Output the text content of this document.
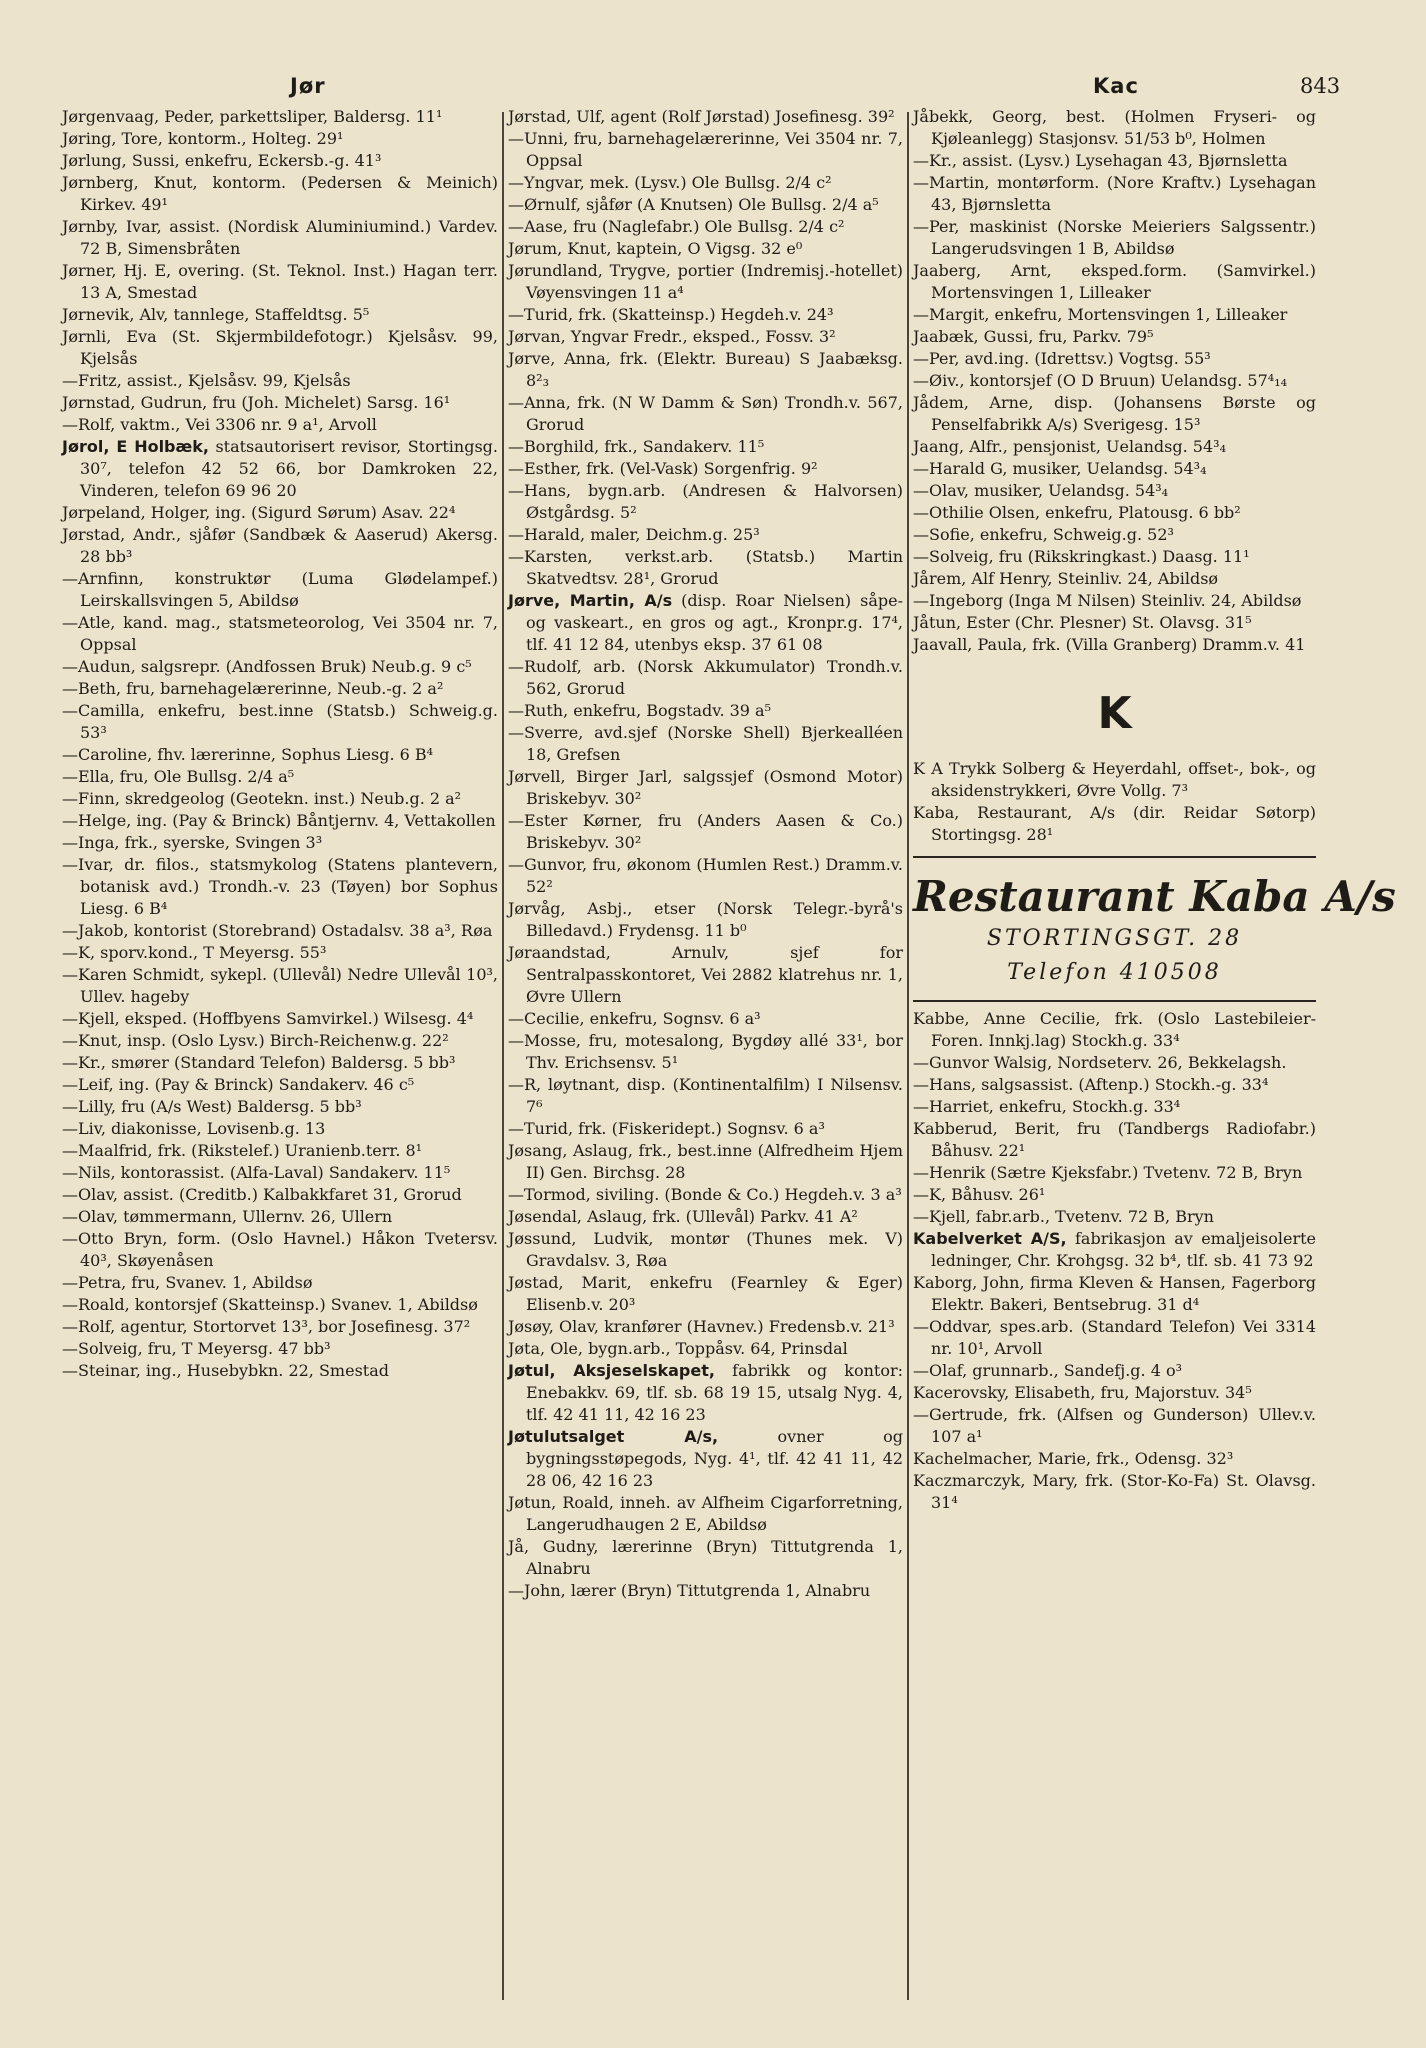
Jør	Kac	843

Jørgenvaag, Peder, parkettsliper, Baldersg. 11¹

Jøring, Tore, kontorm., Holteg. 29¹

Jørlung, Sussi, enkefru, Eckersb.-g. 41³

Jørnberg, Knut, kontorm. (Pedersen & Meinich) Kirkev. 49¹

Jørnby, Ivar, assist. (Nordisk Aluminiumind.) Vardev. 72 B, Simensbråten

Jørner, Hj. E, overing. (St. Teknol. Inst.) Hagan terr. 13 A, Smestad

Jørnevik, Alv, tannlege, Staffeldtsg. 5⁵

Jørnli, Eva (St. Skjermbildefotogr.) Kjelsåsv. 99, Kjelsås

—Fritz, assist., Kjelsåsv. 99, Kjelsås

Jørnstad, Gudrun, fru (Joh. Michelet) Sarsg. 16¹

—Rolf, vaktm., Vei 3306 nr. 9 a¹, Arvoll

Jørol, E Holbæk, statsautorisert revisor, Stortingsg. 30⁷, telefon 42 52 66, bor Damkroken 22, Vinderen, telefon 69 96 20

Jørpeland, Holger, ing. (Sigurd Sørum) Asav. 22⁴

Jørstad, Andr., sjåfør (Sandbæk & Aaserud) Akersg. 28 bb³

—Arnfinn, konstruktør (Luma Glødelampef.) Leirskallsvingen 5, Abildsø

—Atle, kand. mag., statsmeteorolog, Vei 3504 nr. 7, Oppsal

—Audun, salgsrepr. (Andfossen Bruk) Neub.g. 9 c⁵

—Beth, fru, barnehagelærerinne, Neub.-g. 2 a²

—Camilla, enkefru, best.inne (Statsb.) Schweig.g. 53³

—Caroline, fhv. lærerinne, Sophus Liesg. 6 B⁴

—Ella, fru, Ole Bullsg. 2/4 a⁵

—Finn, skredgeolog (Geotekn. inst.) Neub.g. 2 a²

—Helge, ing. (Pay & Brinck) Båntjernv. 4, Vettakollen

—Inga, frk., syerske, Svingen 3³

—Ivar, dr. filos., statsmykolog (Statens plantevern, botanisk avd.) Trondh.-v. 23 (Tøyen) bor Sophus Liesg. 6 B⁴

—Jakob, kontorist (Storebrand) Ostadalsv. 38 a³, Røa

—K, sporv.kond., T Meyersg. 55³

—Karen Schmidt, sykepl. (Ullevål) Nedre Ullevål 10³, Ullev. hageby

—Kjell, eksped. (Hoffbyens Samvirkel.) Wilsesg. 4⁴

—Knut, insp. (Oslo Lysv.) Birch-Reichenw.g. 22²

—Kr., smører (Standard Telefon) Baldersg. 5 bb³

—Leif, ing. (Pay & Brinck) Sandakerv. 46 c⁵

—Lilly, fru (A/s West) Baldersg. 5 bb³

—Liv, diakonisse, Lovisenb.g. 13

—Maalfrid, frk. (Rikstelef.) Uranienb.terr. 8¹

—Nils, kontorassist. (Alfa-Laval) Sandakerv. 11⁵

—Olav, assist. (Creditb.) Kalbakkfaret 31, Grorud

—Olav, tømmermann, Ullernv. 26, Ullern

—Otto Bryn, form. (Oslo Havnel.) Håkon Tvetersv. 40³, Skøyenåsen

—Petra, fru, Svanev. 1, Abildsø

—Roald, kontorsjef (Skatteinsp.) Svanev. 1, Abildsø

—Rolf, agentur, Stortorvet 13³, bor Josefinesg. 37²

—Solveig, fru, T Meyersg. 47 bb³

—Steinar, ing., Husebybkn. 22, Smestad

Jørstad, Ulf, agent (Rolf Jørstad) Josefinesg. 39²

—Unni, fru, barnehagelærerinne, Vei 3504 nr. 7, Oppsal

—Yngvar, mek. (Lysv.) Ole Bullsg. 2/4 c²

—Ørnulf, sjåfør (A Knutsen) Ole Bullsg. 2/4 a⁵

—Aase, fru (Naglefabr.) Ole Bullsg. 2/4 c²

Jørum, Knut, kaptein, O Vigsg. 32 e⁰

Jørundland, Trygve, portier (Indremisj.-hotellet) Vøyensvingen 11 a⁴

—Turid, frk. (Skatteinsp.) Hegdeh.v. 24³

Jørvan, Yngvar Fredr., eksped., Fossv. 3²

Jørve, Anna, frk. (Elektr. Bureau) S Jaabæksg. 8²₃

—Anna, frk. (N W Damm & Søn) Trondh.v. 567, Grorud

—Borghild, frk., Sandakerv. 11⁵

—Esther, frk. (Vel-Vask) Sorgenfrig. 9²

—Hans, bygn.arb. (Andresen & Halvorsen) Østgårdsg. 5²

—Harald, maler, Deichm.g. 25³

—Karsten, verkst.arb. (Statsb.) Martin Skatvedtsv. 28¹, Grorud

Jørve, Martin, A/s (disp. Roar Nielsen) såpe- og vaskeart., en gros og agt., Kronpr.g. 17⁴, tlf. 41 12 84, utenbys eksp. 37 61 08

—Rudolf, arb. (Norsk Akkumulator) Trondh.v. 562, Grorud

—Ruth, enkefru, Bogstadv. 39 a⁵

—Sverre, avd.sjef (Norske Shell) Bjerkealléen 18, Grefsen

Jørvell, Birger Jarl, salgssjef (Osmond Motor) Briskebyv. 30²

—Ester Kørner, fru (Anders Aasen & Co.) Briskebyv. 30²

—Gunvor, fru, økonom (Humlen Rest.) Dramm.v. 52²

Jørvåg, Asbj., etser (Norsk Telegr.-byrå's Billedavd.) Frydensg. 11 b⁰

Jøraandstad, Arnulv, sjef for Sentralpasskontoret, Vei 2882 klatrehus nr. 1, Øvre Ullern

—Cecilie, enkefru, Sognsv. 6 a³

—Mosse, fru, motesalong, Bygdøy allé 33¹, bor Thv. Erichsensv. 5¹

—R, løytnant, disp. (Kontinentalfilm) I Nilsensv. 7⁶

—Turid, frk. (Fiskeridept.) Sognsv. 6 a³

Jøsang, Aslaug, frk., best.inne (Alfredheim Hjem II) Gen. Birchsg. 28

—Tormod, siviling. (Bonde & Co.) Hegdeh.v. 3 a³

Jøsendal, Aslaug, frk. (Ullevål) Parkv. 41 A²

Jøssund, Ludvik, montør (Thunes mek. V) Gravdalsv. 3, Røa

Jøstad, Marit, enkefru (Fearnley & Eger) Elisenb.v. 20³

Jøsøy, Olav, kranfører (Havnev.) Fredensb.v. 21³

Jøta, Ole, bygn.arb., Toppåsv. 64, Prinsdal

Jøtul, Aksjeselskapet, fabrikk og kontor: Enebakkv. 69, tlf. sb. 68 19 15, utsalg Nyg. 4, tlf. 42 41 11, 42 16 23

Jøtulutsalget A/s, ovner og bygningsstøpegods, Nyg. 4¹, tlf. 42 41 11, 42 28 06, 42 16 23

Jøtun, Roald, inneh. av Alfheim Cigarforretning, Langerudhaugen 2 E, Abildsø

Jå, Gudny, lærerinne (Bryn) Tittutgrenda 1, Alnabru

—John, lærer (Bryn) Tittutgrenda 1, Alnabru

Jåbekk, Georg, best. (Holmen Fryseri- og Kjøleanlegg) Stasjonsv. 51/53 b⁰, Holmen

—Kr., assist. (Lysv.) Lysehagan 43, Bjørnsletta

—Martin, montørform. (Nore Kraftv.) Lysehagan 43, Bjørnsletta

—Per, maskinist (Norske Meieriers Salgssentr.) Langerudsvingen 1 B, Abildsø

Jaaberg, Arnt, eksped.form. (Samvirkel.) Mortensvingen 1, Lilleaker

—Margit, enkefru, Mortensvingen 1, Lilleaker

Jaabæk, Gussi, fru, Parkv. 79⁵

—Per, avd.ing. (Idrettsv.) Vogtsg. 55³

—Øiv., kontorsjef (O D Bruun) Uelandsg. 57⁴₁₄

Jådem, Arne, disp. (Johansens Børste og Penselfabrikk A/s) Sverigesg. 15³

Jaang, Alfr., pensjonist, Uelandsg. 54³₄

—Harald G, musiker, Uelandsg. 54³₄

—Olav, musiker, Uelandsg. 54³₄

—Othilie Olsen, enkefru, Platousg. 6 bb²

—Sofie, enkefru, Schweig.g. 52³

—Solveig, fru (Rikskringkast.) Daasg. 11¹

Jårem, Alf Henry, Steinliv. 24, Abildsø

—Ingeborg (Inga M Nilsen) Steinliv. 24, Abildsø

Jåtun, Ester (Chr. Plesner) St. Olavsg. 31⁵

Jaavall, Paula, frk. (Villa Granberg) Dramm.v. 41

K

K A Trykk Solberg & Heyerdahl, offset-, bok-, og aksidenstrykkeri, Øvre Vollg. 7³

Kaba, Restaurant, A/s (dir. Reidar Søtorp) Stortingsg. 28¹

Restaurant Kaba A/s
STORTINGSGT. 28
Telefon 410508

Kabbe, Anne Cecilie, frk. (Oslo Lastebileier-Foren. Innkj.lag) Stockh.g. 33⁴

—Gunvor Walsig, Nordseterv. 26, Bekkelagsh.

—Hans, salgsassist. (Aftenp.) Stockh.-g. 33⁴

—Harriet, enkefru, Stockh.g. 33⁴

Kabberud, Berit, fru (Tandbergs Radiofabr.) Båhusv. 22¹

—Henrik (Sætre Kjeksfabr.) Tvetenv. 72 B, Bryn

—K, Båhusv. 26¹

—Kjell, fabr.arb., Tvetenv. 72 B, Bryn

Kabelverket A/S, fabrikasjon av emaljeisolerte ledninger, Chr. Krohgsg. 32 b⁴, tlf. sb. 41 73 92

Kaborg, John, firma Kleven & Hansen, Fagerborg Elektr. Bakeri, Bentsebrug. 31 d⁴

—Oddvar, spes.arb. (Standard Telefon) Vei 3314 nr. 10¹, Arvoll

—Olaf, grunnarb., Sandefj.g. 4 o³

Kacerovsky, Elisabeth, fru, Majorstuv. 34⁵

—Gertrude, frk. (Alfsen og Gunderson) Ullev.v. 107 a¹

Kachelmacher, Marie, frk., Odensg. 32³

Kaczmarczyk, Mary, frk. (Stor-Ko-Fa) St. Olavsg. 31⁴
